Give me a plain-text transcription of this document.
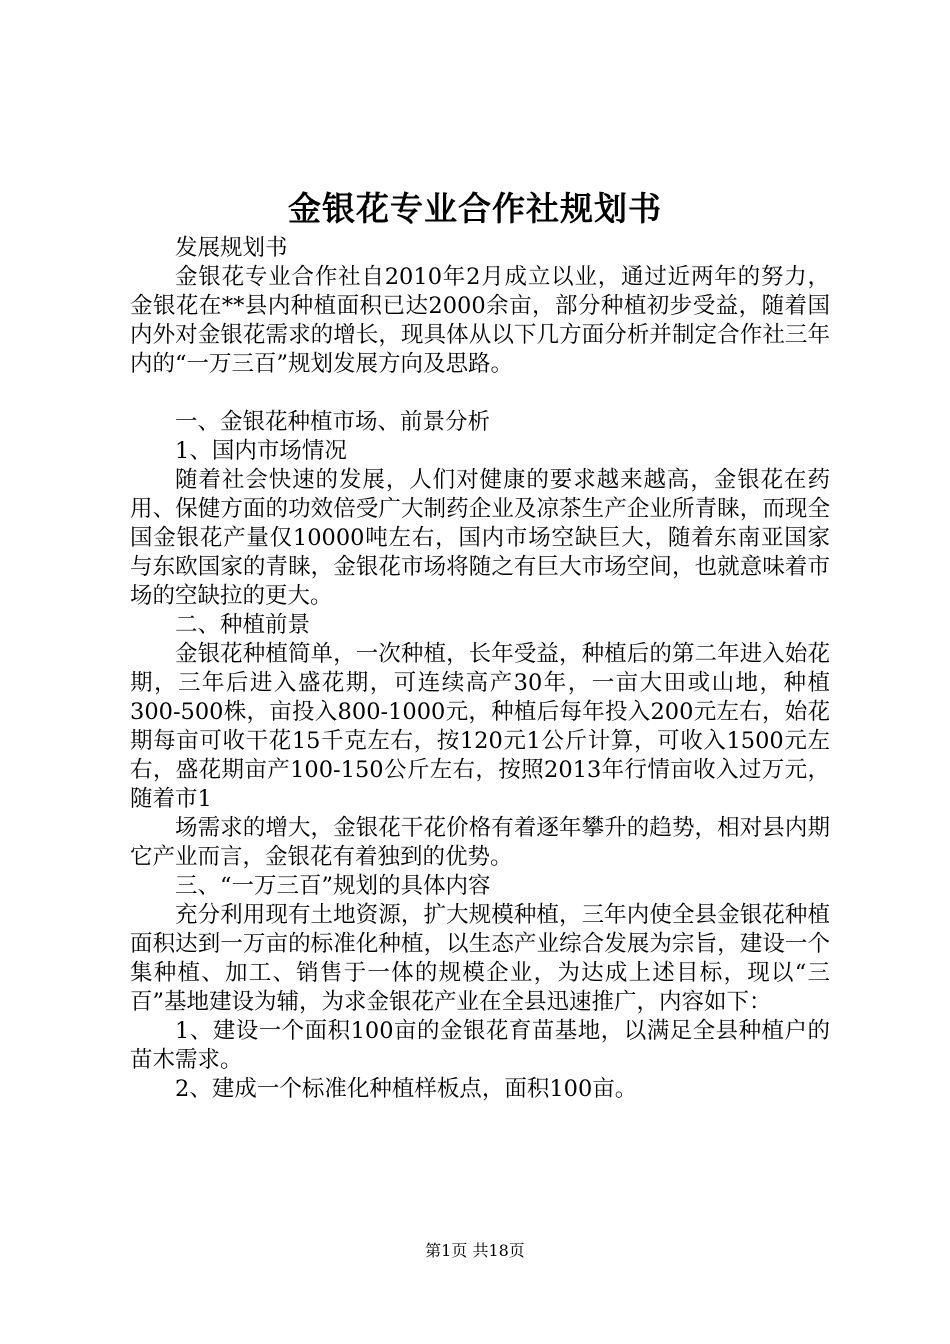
金银花专业合作社规划书

发展规划书

金银花专业合作社自2010年2月成立以业，通过近两年的努力，金银花在**县内种植面积已达2000余亩，部分种植初步受益，随着国内外对金银花需求的增长，现具体从以下几方面分析并制定合作社三年内的“一万三百”规划发展方向及思路。

一、金银花种植市场、前景分析

1、国内市场情况

随着社会快速的发展，人们对健康的要求越来越高，金银花在药用、保健方面的功效倍受广大制药企业及凉茶生产企业所青睐，而现全国金银花产量仅10000吨左右，国内市场空缺巨大，随着东南亚国家与东欧国家的青睐，金银花市场将随之有巨大市场空间，也就意味着市场的空缺拉的更大。

二、种植前景

金银花种植简单，一次种植，长年受益，种植后的第二年进入始花期，三年后进入盛花期，可连续高产30年，一亩大田或山地，种植300-500株，亩投入800-1000元，种植后每年投入200元左右，始花期每亩可收干花15千克左右，按120元1公斤计算，可收入1500元左右，盛花期亩产100-150公斤左右，按照2013年行情亩收入过万元，随着市1

场需求的增大，金银花干花价格有着逐年攀升的趋势，相对县内期它产业而言，金银花有着独到的优势。

三、“一万三百”规划的具体内容

充分利用现有土地资源，扩大规模种植，三年内使全县金银花种植面积达到一万亩的标准化种植，以生态产业综合发展为宗旨，建设一个集种植、加工、销售于一体的规模企业，为达成上述目标，现以“三百”基地建设为辅，为求金银花产业在全县迅速推广，内容如下：

1、建设一个面积100亩的金银花育苗基地，以满足全县种植户的苗木需求。

2、建成一个标准化种植样板点，面积100亩。

第1页 共18页
